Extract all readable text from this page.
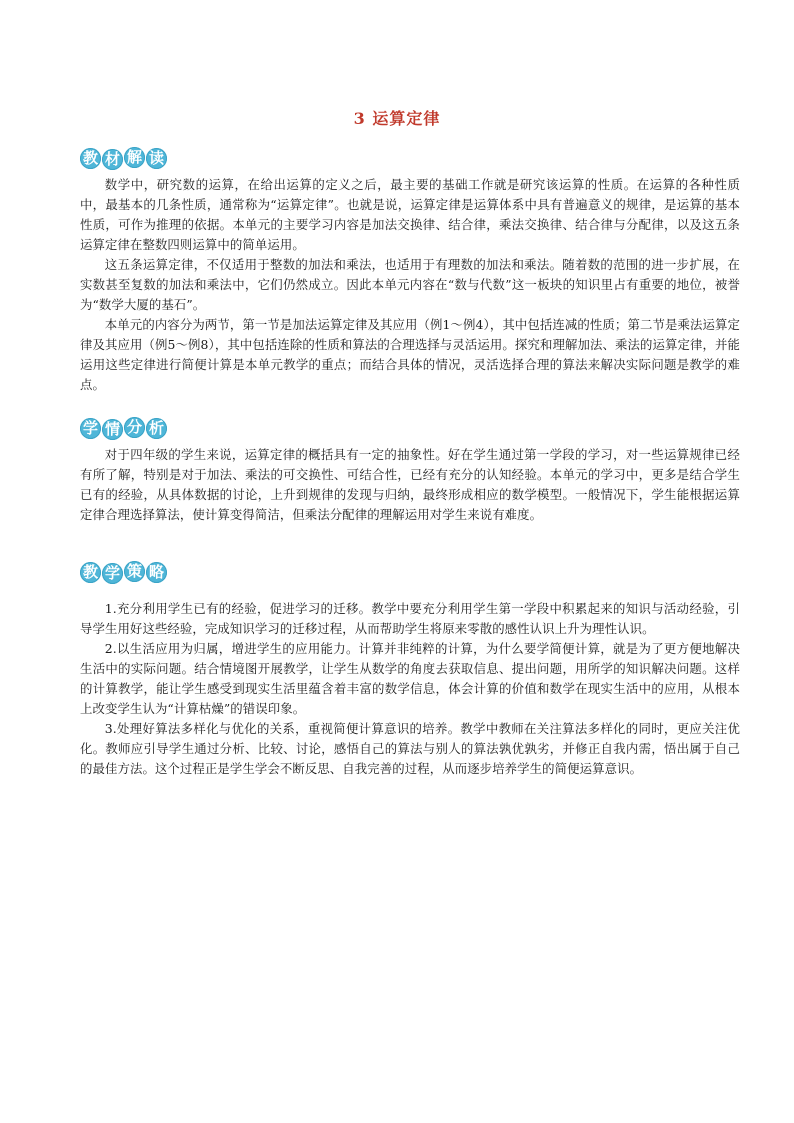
3 运算定律
教 材 解 读

数学中，研究数的运算，在给出运算的定义之后，最主要的基础工作就是研究该运算的性质。在运算的各种性质中，最基本的几条性质，通常称为“运算定律”。也就是说，运算定律是运算体系中具有普遍意义的规律，是运算的基本性质，可作为推理的依据。本单元的主要学习内容是加法交换律、结合律，乘法交换律、结合律与分配律，以及这五条运算定律在整数四则运算中的简单运用。

这五条运算定律，不仅适用于整数的加法和乘法，也适用于有理数的加法和乘法。随着数的范围的进一步扩展，在实数甚至复数的加法和乘法中，它们仍然成立。因此本单元内容在“数与代数”这一板块的知识里占有重要的地位，被誉为“数学大厦的基石”。

本单元的内容分为两节，第一节是加法运算定律及其应用（例1～例4），其中包括连减的性质；第二节是乘法运算定律及其应用（例5～例8），其中包括连除的性质和算法的合理选择与灵活运用。探究和理解加法、乘法的运算定律，并能运用这些定律进行简便计算是本单元教学的重点；而结合具体的情况，灵活选择合理的算法来解决实际问题是教学的难点。

学 情 分 析

对于四年级的学生来说，运算定律的概括具有一定的抽象性。好在学生通过第一学段的学习，对一些运算规律已经有所了解，特别是对于加法、乘法的可交换性、可结合性，已经有充分的认知经验。本单元的学习中，更多是结合学生已有的经验，从具体数据的讨论，上升到规律的发现与归纳，最终形成相应的数学模型。一般情况下，学生能根据运算定律合理选择算法，使计算变得简洁，但乘法分配律的理解运用对学生来说有难度。

教 学 策 略

1.充分利用学生已有的经验，促进学习的迁移。教学中要充分利用学生第一学段中积累起来的知识与活动经验，引导学生用好这些经验，完成知识学习的迁移过程，从而帮助学生将原来零散的感性认识上升为理性认识。

2.以生活应用为归属，增进学生的应用能力。计算并非纯粹的计算，为什么要学简便计算，就是为了更方便地解决生活中的实际问题。结合情境图开展教学，让学生从数学的角度去获取信息、提出问题，用所学的知识解决问题。这样的计算教学，能让学生感受到现实生活里蕴含着丰富的数学信息，体会计算的价值和数学在现实生活中的应用，从根本上改变学生认为“计算枯燥”的错误印象。

3.处理好算法多样化与优化的关系，重视简便计算意识的培养。教学中教师在关注算法多样化的同时，更应关注优化。教师应引导学生通过分析、比较、讨论，感悟自己的算法与别人的算法孰优孰劣，并修正自我内需，悟出属于自己的最佳方法。这个过程正是学生学会不断反思、自我完善的过程，从而逐步培养学生的简便运算意识。
